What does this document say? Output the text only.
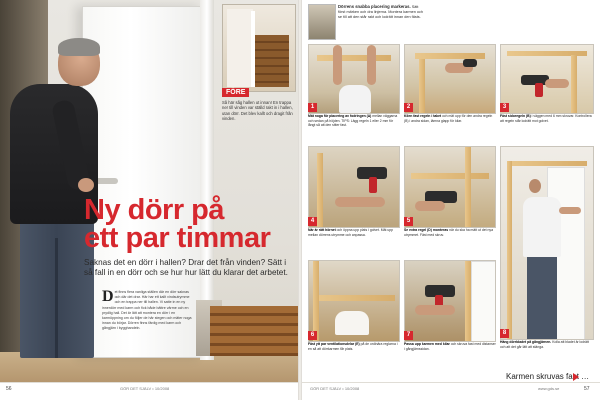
FÖRE
Så här såg hallen ut innan! En trappa ner till vinden var ställd rakt in i hallen, utan dörr. Det blev kallt och dragit från vinden.
Ny dörr på
ett par timmar
Saknas det en dörr i hallen? Drar det från vinden? Sätt i så fall in en dörr och se hur hur lätt du klarar det arbetet.
D et finns flera vanliga ställen där en dörr saknas och där det drar. Här har ett kallt vindsutrymme och en trappa ner till hallen. Vi satte in en ny innerdörr med karm och fick både bättre värme och en prydlig hall. Det är lätt att montera en dörr i en karmöppning om du följer de här stegen och mäter noga innan du börjar. Dörren finns färdig med karm och gångjärn i bygghandeln.
56	GÖR DET SJÄLV • 10/2008
Dörrens snabba placering markeras. Sätt först märken och dra linjerna. Montera karmen och se till att den står rakt och lodrätt innan den fästs.
1
Mät noga för placering av fodringen (A) mellan väggarna och sedan på höjden. TIPS: Lägg regeln 1 eller 2 mm för långt så att den sitter fast.
2
Kilen fast regeln i taket och mät upp för den andra regeln (B) i andra sidan, lämna glapp för kilar.
3
Fäst sidoregeln (B) i väggen med 6 mm skruvar. Kontrollera att regeln står lodrätt mot golvet.
4
När är rätt hörnet och öppna upp plats i golvet. Mät upp mellan dörrens utrymme och anpassa.
5
Se extra regel (D) monteras när du ska ha mätt ut det nya utrymmet. Fäst med skruv.
8
Häng dörrbladet på gångjärnen. Kolla att bladet är lodrätt och att det går lätt att stänga.
6
Fäst ytt par ventilationsdelar (E) på de ordinära reglarna i en så att dörrkarmen får plats.
7
Passa upp karmen med kilar och skruva fast med distanser i gångjärnssidan.
Karmen skruvas fast …
GÖR DET SJÄLV • 10/2008	www.gds.se	57
